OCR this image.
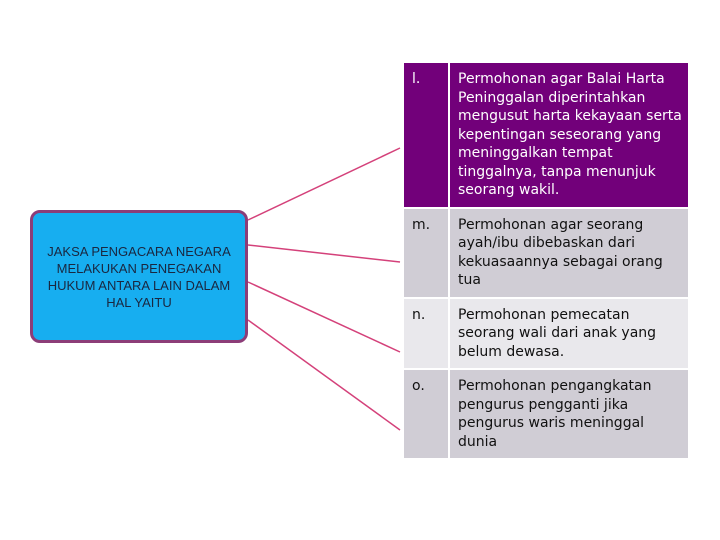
JAKSA PENGACARA NEGARA MELAKUKAN PENEGAKAN HUKUM ANTARA LAIN DALAM HAL YAITU
l.	Permohonan agar Balai Harta Peninggalan diperintahkan mengusut harta kekayaan serta kepentingan seseorang yang meninggalkan tempat tinggalnya, tanpa menunjuk seorang wakil.
m.	Permohonan agar seorang ayah/ibu dibebaskan dari kekuasaannya sebagai orang tua
n.	Permohonan pemecatan seorang wali dari anak yang belum dewasa.
o.	Permohonan pengangkatan pengurus pengganti jika pengurus waris meninggal dunia
